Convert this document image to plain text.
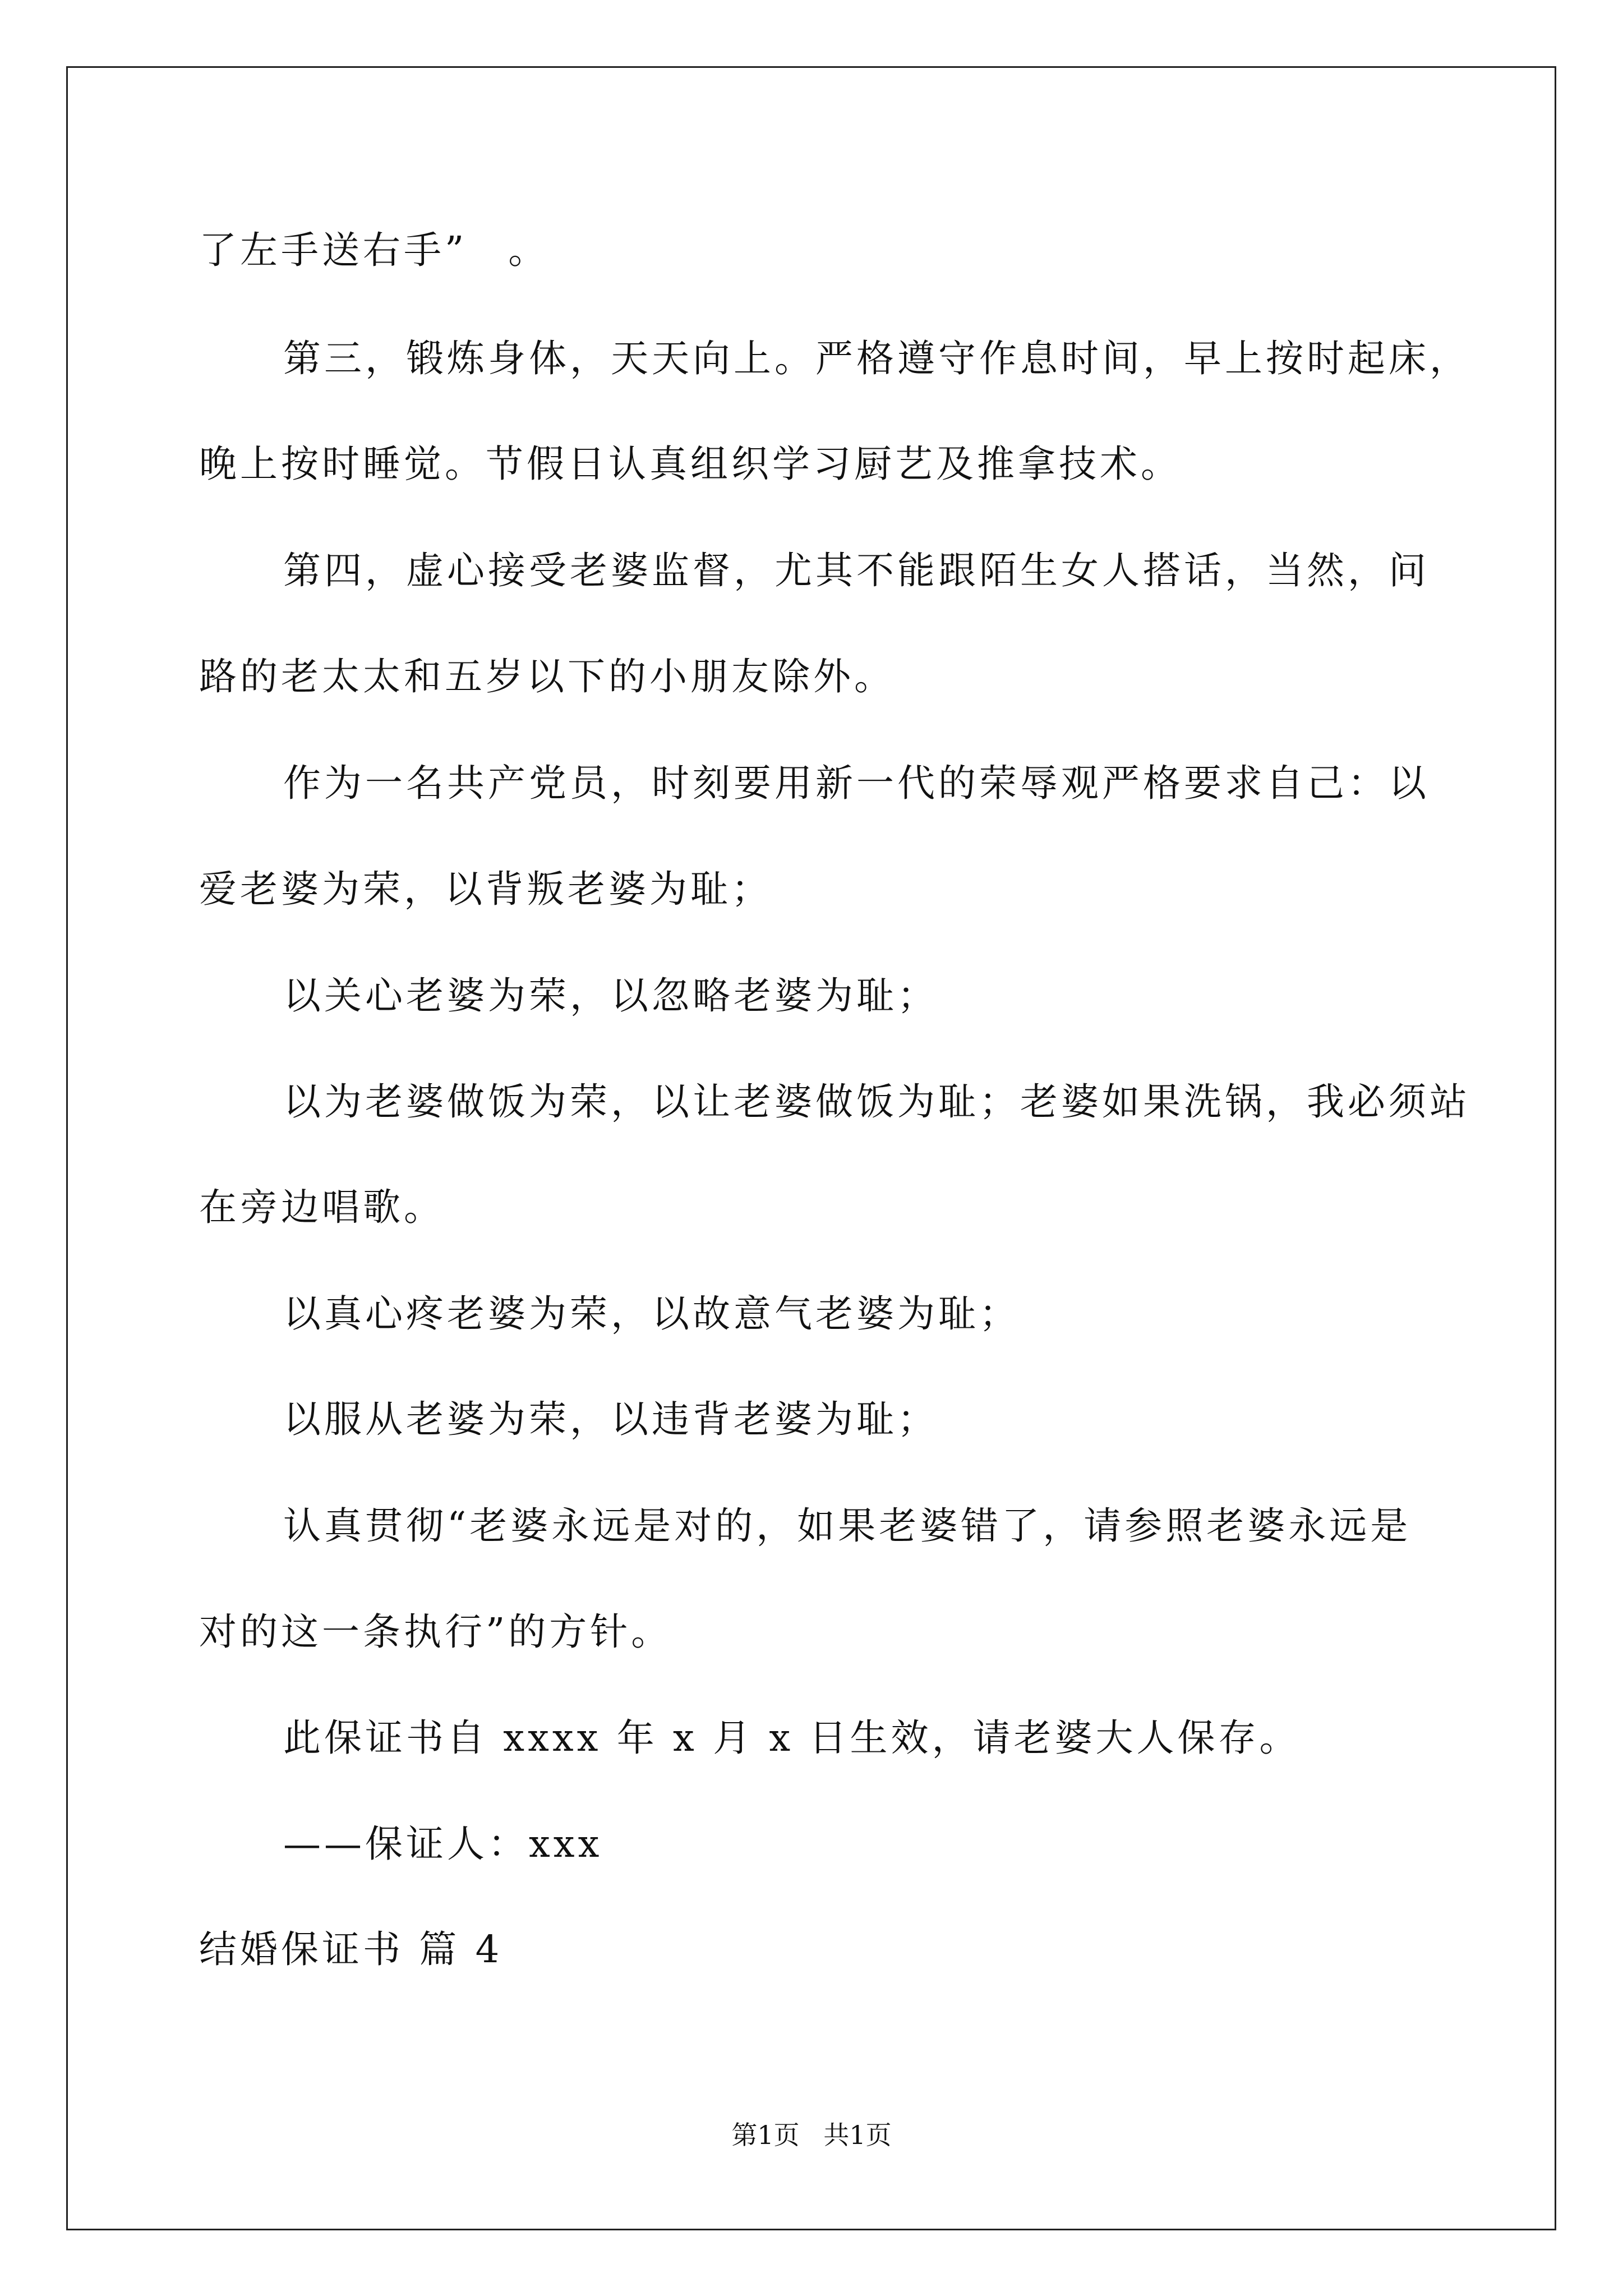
了左手送右手”　。
第三，锻炼身体，天天向上。严格遵守作息时间，早上按时起床，
晚上按时睡觉。节假日认真组织学习厨艺及推拿技术。
第四，虚心接受老婆监督，尤其不能跟陌生女人搭话，当然，问
路的老太太和五岁以下的小朋友除外。
作为一名共产党员，时刻要用新一代的荣辱观严格要求自己：以
爱老婆为荣，以背叛老婆为耻；
以关心老婆为荣，以忽略老婆为耻；
以为老婆做饭为荣，以让老婆做饭为耻；老婆如果洗锅，我必须站
在旁边唱歌。
以真心疼老婆为荣，以故意气老婆为耻；
以服从老婆为荣，以违背老婆为耻；
认真贯彻“老婆永远是对的，如果老婆错了，请参照老婆永远是
对的这一条执行”的方针。
此保证书自 xxxx 年 x 月 x 日生效，请老婆大人保存。
——保证人：xxx
结婚保证书 篇 4
第1页 共1页
